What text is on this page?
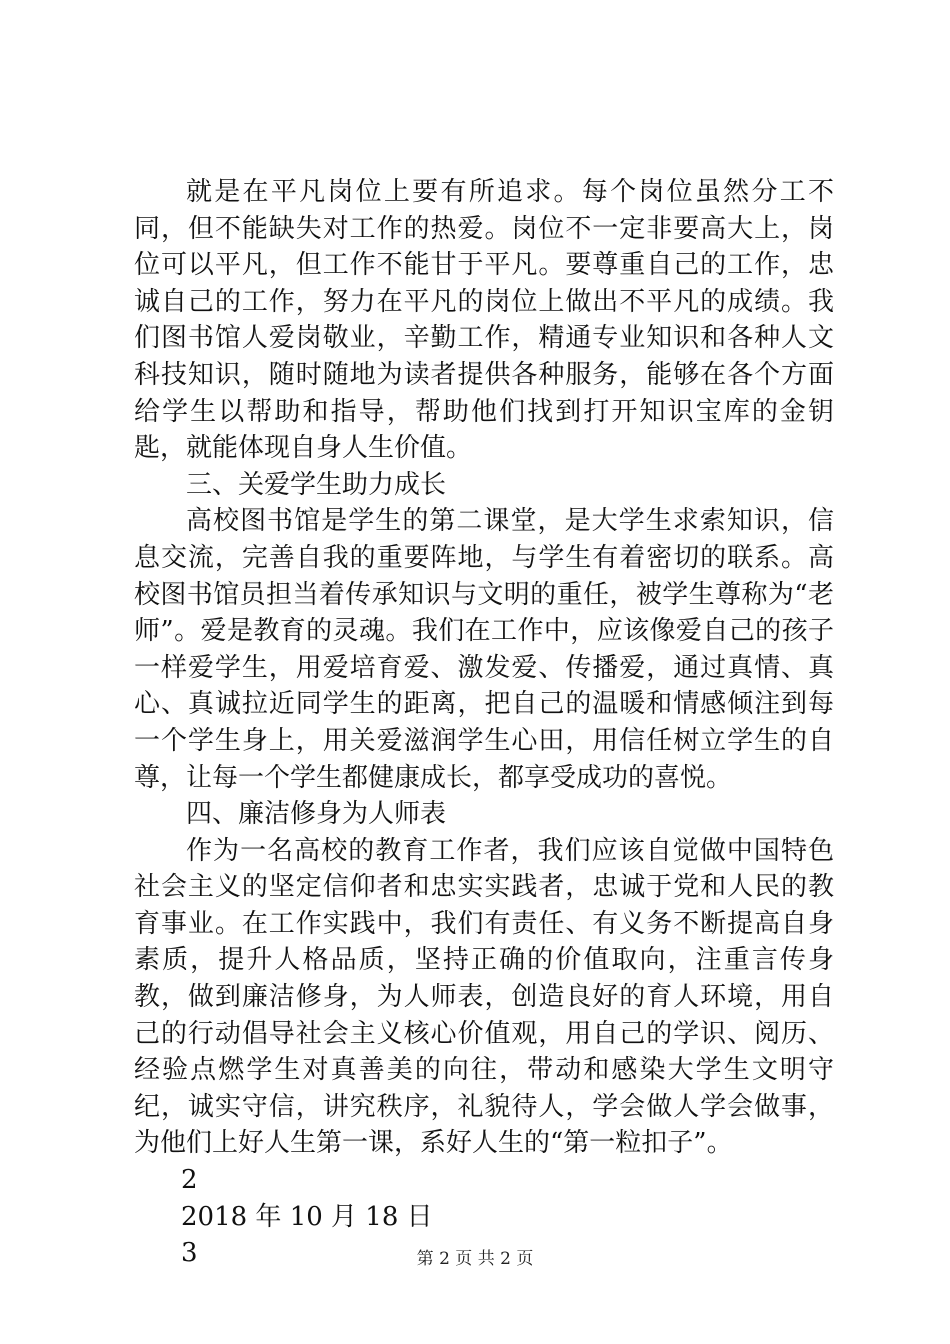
就是在平凡岗位上要有所追求。每个岗位虽然分工不同，但不能缺失对工作的热爱。岗位不一定非要高大上，岗位可以平凡，但工作不能甘于平凡。要尊重自己的工作，忠诚自己的工作，努力在平凡的岗位上做出不平凡的成绩。我们图书馆人爱岗敬业，辛勤工作，精通专业知识和各种人文科技知识，随时随地为读者提供各种服务，能够在各个方面给学生以帮助和指导，帮助他们找到打开知识宝库的金钥匙，就能体现自身人生价值。

三、关爱学生助力成长

高校图书馆是学生的第二课堂，是大学生求索知识，信息交流，完善自我的重要阵地，与学生有着密切的联系。高校图书馆员担当着传承知识与文明的重任，被学生尊称为“老师”。爱是教育的灵魂。我们在工作中，应该像爱自己的孩子一样爱学生，用爱培育爱、激发爱、传播爱，通过真情、真心、真诚拉近同学生的距离，把自己的温暖和情感倾注到每一个学生身上，用关爱滋润学生心田，用信任树立学生的自尊，让每一个学生都健康成长，都享受成功的喜悦。

四、廉洁修身为人师表

作为一名高校的教育工作者，我们应该自觉做中国特色社会主义的坚定信仰者和忠实实践者，忠诚于党和人民的教育事业。在工作实践中，我们有责任、有义务不断提高自身素质，提升人格品质，坚持正确的价值取向，注重言传身教，做到廉洁修身，为人师表，创造良好的育人环境，用自己的行动倡导社会主义核心价值观，用自己的学识、阅历、经验点燃学生对真善美的向往，带动和感染大学生文明守纪，诚实守信，讲究秩序，礼貌待人，学会做人学会做事，为他们上好人生第一课，系好人生的“第一粒扣子”。

2

2018 年 10 月 18 日

3	第 2 页 共 2 页
